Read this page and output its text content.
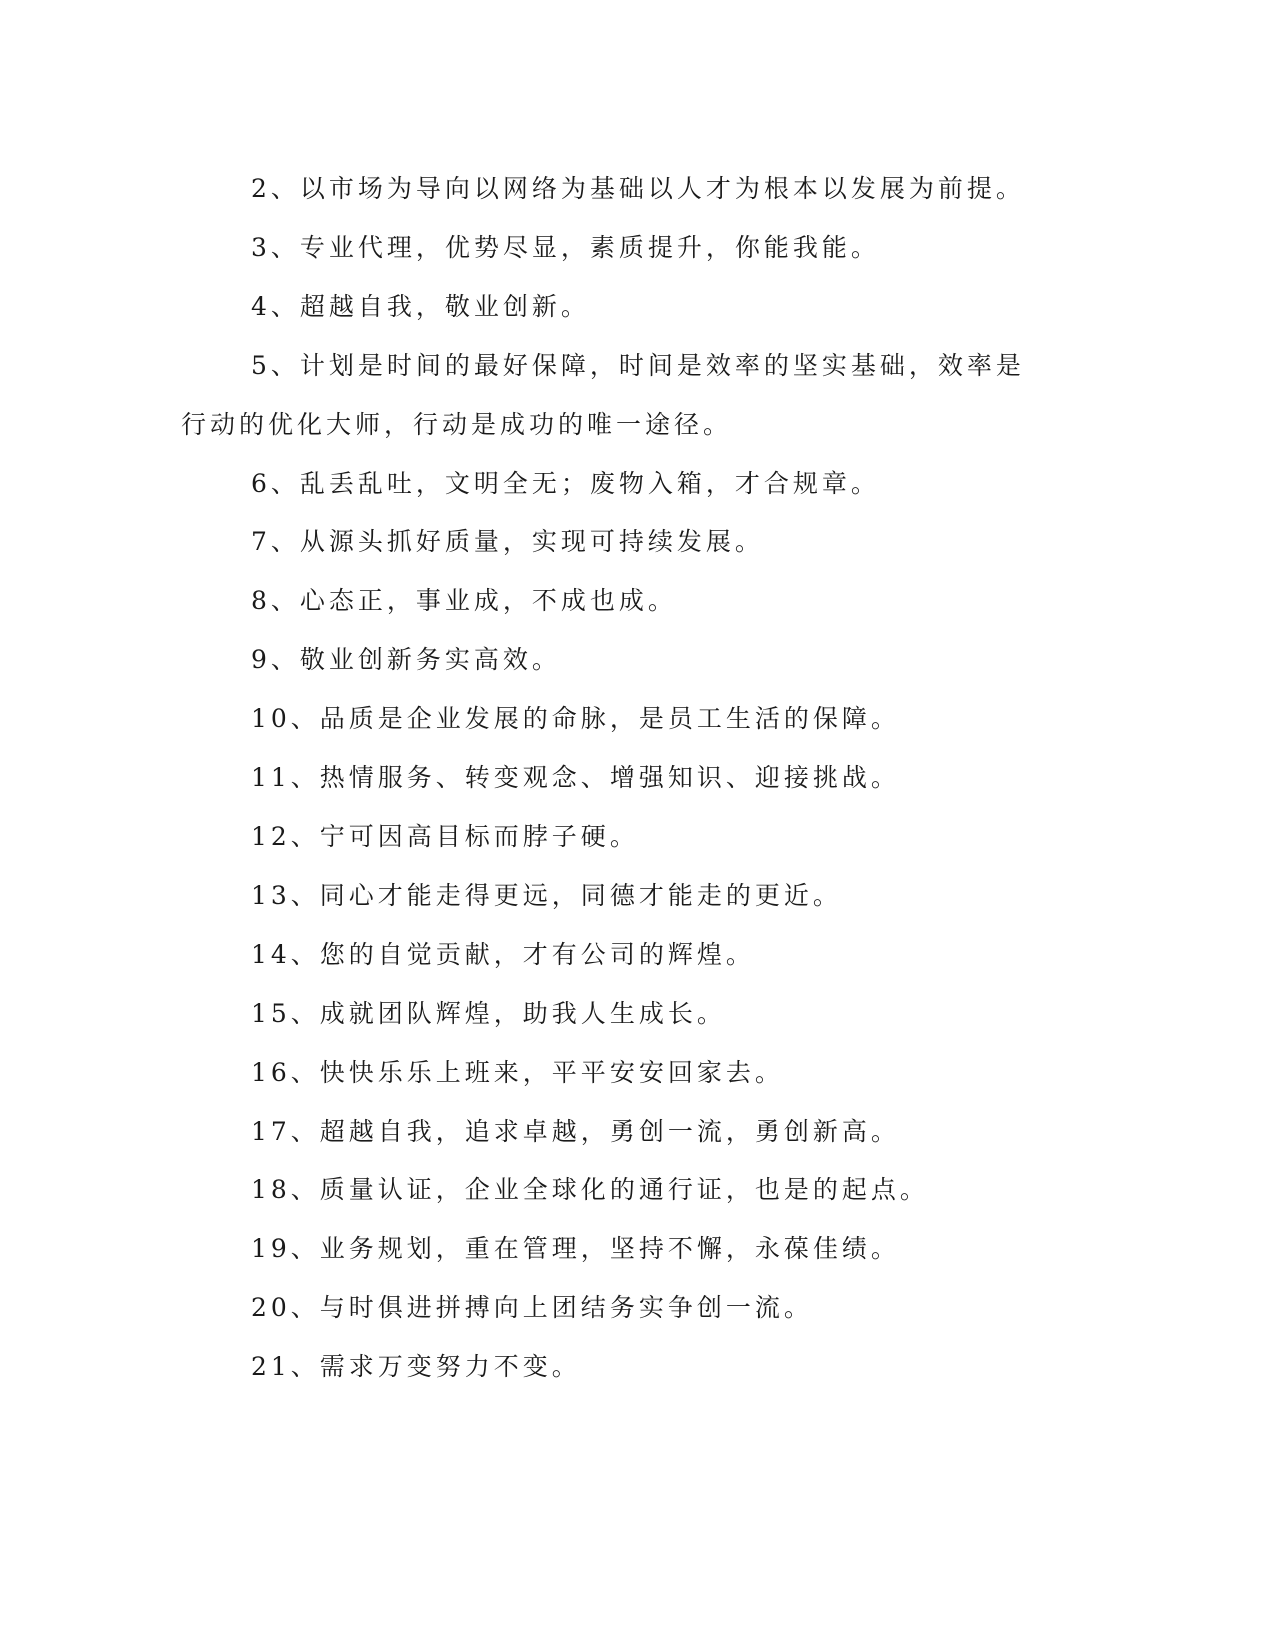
2、以市场为导向以网络为基础以人才为根本以发展为前提。

3、专业代理，优势尽显，素质提升，你能我能。

4、超越自我，敬业创新。

5、计划是时间的最好保障，时间是效率的坚实基础，效率是行动的优化大师，行动是成功的唯一途径。

6、乱丢乱吐，文明全无；废物入箱，才合规章。

7、从源头抓好质量，实现可持续发展。

8、心态正，事业成，不成也成。

9、敬业创新务实高效。

10、品质是企业发展的命脉，是员工生活的保障。

11、热情服务、转变观念、增强知识、迎接挑战。

12、宁可因高目标而脖子硬。

13、同心才能走得更远，同德才能走的更近。

14、您的自觉贡献，才有公司的辉煌。

15、成就团队辉煌，助我人生成长。

16、快快乐乐上班来，平平安安回家去。

17、超越自我，追求卓越，勇创一流，勇创新高。

18、质量认证，企业全球化的通行证，也是的起点。

19、业务规划，重在管理，坚持不懈，永葆佳绩。

20、与时俱进拼搏向上团结务实争创一流。

21、需求万变努力不变。
